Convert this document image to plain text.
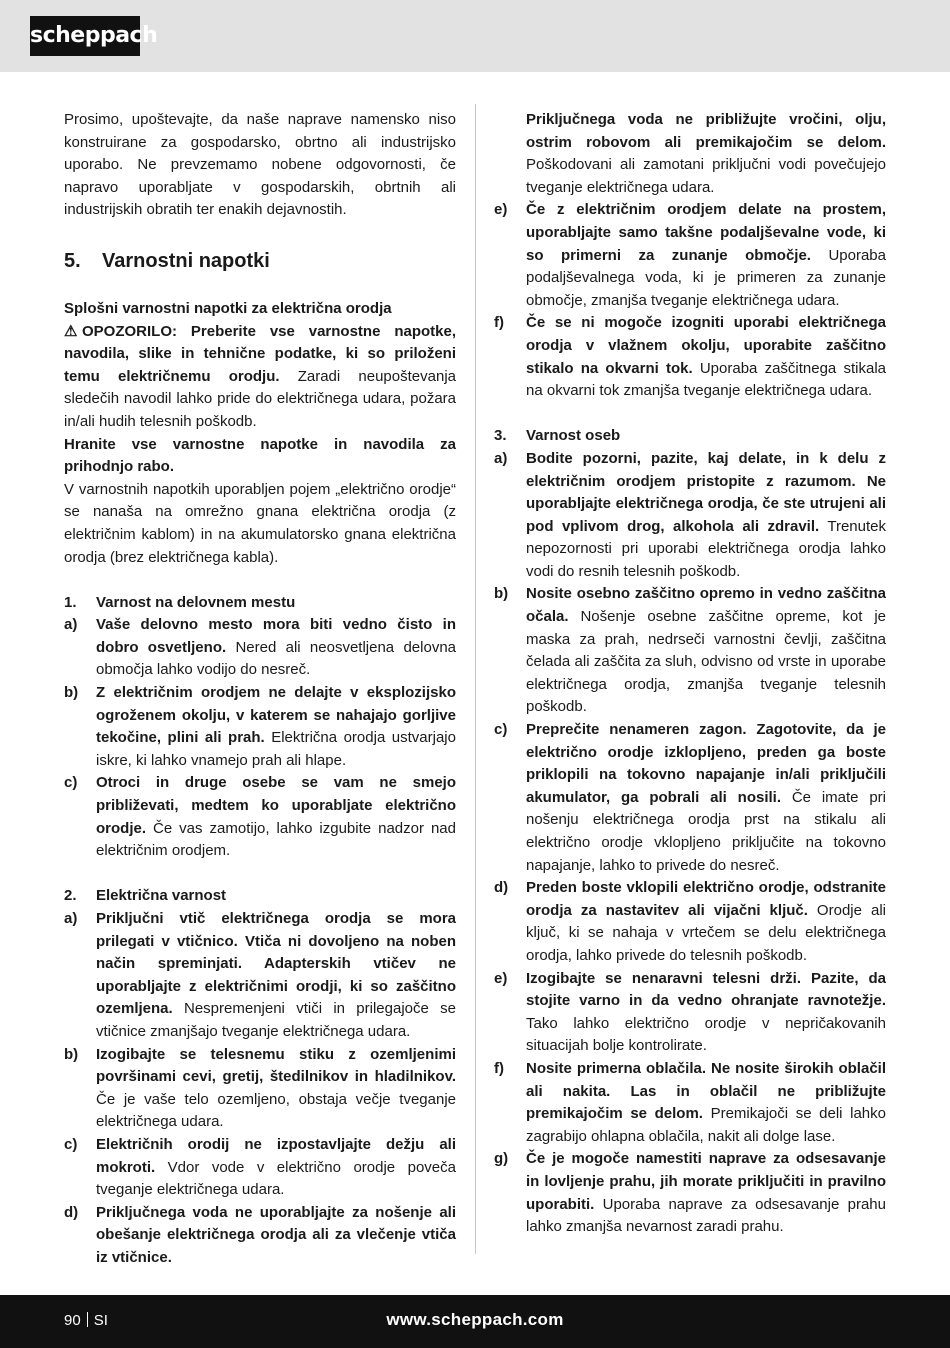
scheppach

Prosimo, upoštevajte, da naše naprave namensko niso konstruirane za gospodarsko, obrtno ali industrijsko uporabo. Ne prevzemamo nobene odgovornosti, če napravo uporabljate v gospodarskih, obrtnih ali industrijskih obratih ter enakih dejavnostih.

5. Varnostni napotki

Splošni varnostni napotki za električna orodja

⚠ OPOZORILO: Preberite vse varnostne napotke, navodila, slike in tehnične podatke, ki so priloženi temu električnemu orodju. Zaradi neupoštevanja sledečih navodil lahko pride do električnega udara, požara in/ali hudih telesnih poškodb.

Hranite vse varnostne napotke in navodila za prihodnjo rabo.

V varnostnih napotkih uporabljen pojem „električno orodje“ se nanaša na omrežno gnana električna orodja (z električnim kablom) in na akumulatorsko gnana električna orodja (brez električnega kabla).

1.	Varnost na delovnem mestu
a)	Vaše delovno mesto mora biti vedno čisto in dobro osvetljeno. Nered ali neosvetljena delovna območja lahko vodijo do nesreč.
b)	Z električnim orodjem ne delajte v eksplozijsko ogroženem okolju, v katerem se nahajajo gorljive tekočine, plini ali prah. Električna orodja ustvarjajo iskre, ki lahko vnamejo prah ali hlape.
c)	Otroci in druge osebe se vam ne smejo približevati, medtem ko uporabljate električno orodje. Če vas zamotijo, lahko izgubite nadzor nad električnim orodjem.
2.	Električna varnost
a)	Priključni vtič električnega orodja se mora prilegati v vtičnico. Vtiča ni dovoljeno na noben način spreminjati. Adapterskih vtičev ne uporabljajte z električnimi orodji, ki so zaščitno ozemljena. Nespremenjeni vtiči in prilegajoče se vtičnice zmanjšajo tveganje električnega udara.
b)	Izogibajte se telesnemu stiku z ozemljenimi površinami cevi, gretij, štedilnikov in hladilnikov. Če je vaše telo ozemljeno, obstaja večje tveganje električnega udara.
c)	Električnih orodij ne izpostavljajte dežju ali mokroti. Vdor vode v električno orodje poveča tveganje električnega udara.
d)	Priključnega voda ne uporabljajte za nošenje ali obešanje električnega orodja ali za vlečenje vtiča iz vtičnice.
Priključnega voda ne približujte vročini, olju, ostrim robovom ali premikajočim se delom. Poškodovani ali zamotani priključni vodi povečujejo tveganje električnega udara.
e)	Če z električnim orodjem delate na prostem, uporabljajte samo takšne podaljševalne vode, ki so primerni za zunanje območje. Uporaba podaljševalnega voda, ki je primeren za zunanje območje, zmanjša tveganje električnega udara.
f)	Če se ni mogoče izogniti uporabi električnega orodja v vlažnem okolju, uporabite zaščitno stikalo na okvarni tok. Uporaba zaščitnega stikala na okvarni tok zmanjša tveganje električnega udara.
3.	Varnost oseb
a)	Bodite pozorni, pazite, kaj delate, in k delu z električnim orodjem pristopite z razumom. Ne uporabljajte električnega orodja, če ste utrujeni ali pod vplivom drog, alkohola ali zdravil. Trenutek nepozornosti pri uporabi električnega orodja lahko vodi do resnih telesnih poškodb.
b)	Nosite osebno zaščitno opremo in vedno zaščitna očala. Nošenje osebne zaščitne opreme, kot je maska za prah, nedrseči varnostni čevlji, zaščitna čelada ali zaščita za sluh, odvisno od vrste in uporabe električnega orodja, zmanjša tveganje telesnih poškodb.
c)	Preprečite nenameren zagon. Zagotovite, da je električno orodje izklopljeno, preden ga boste priklopili na tokovno napajanje in/ali priključili akumulator, ga pobrali ali nosili. Če imate pri nošenju električnega orodja prst na stikalu ali električno orodje vklopljeno priključite na tokovno napajanje, lahko to privede do nesreč.
d)	Preden boste vklopili električno orodje, odstranite orodja za nastavitev ali vijačni ključ. Orodje ali ključ, ki se nahaja v vrtečem se delu električnega orodja, lahko privede do telesnih poškodb.
e)	Izogibajte se nenaravni telesni drži. Pazite, da stojite varno in da vedno ohranjate ravnotežje. Tako lahko električno orodje v nepričakovanih situacijah bolje kontrolirate.
f)	Nosite primerna oblačila. Ne nosite širokih oblačil ali nakita. Las in oblačil ne približujte premikajočim se delom. Premikajoči se deli lahko zagrabijo ohlapna oblačila, nakit ali dolge lase.
g)	Če je mogoče namestiti naprave za odsesavanje in lovljenje prahu, jih morate priključiti in pravilno uporabiti. Uporaba naprave za odsesavanje prahu lahko zmanjša nevarnost zaradi prahu.
90 SI	www.scheppach.com
